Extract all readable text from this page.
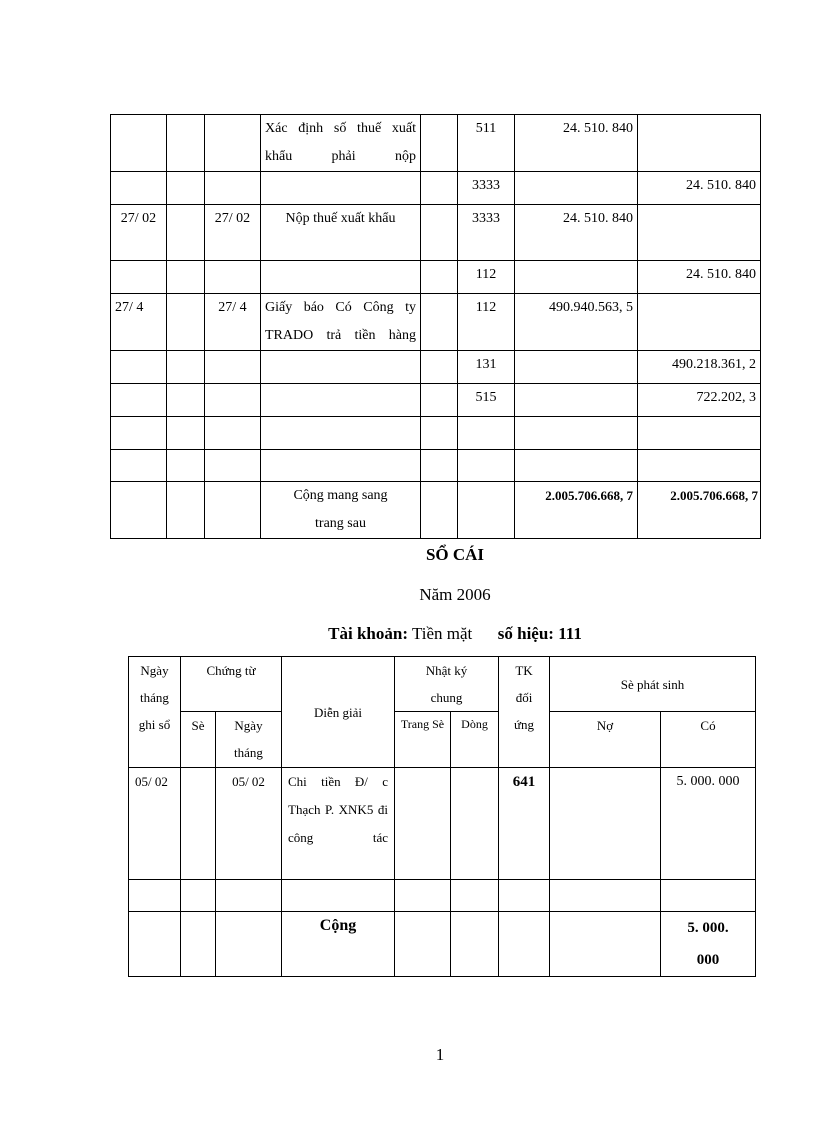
			Xác định số thuế xuất khẩu phải nộp		511	24. 510. 840	
					3333		24. 510. 840
27/ 02		27/ 02	Nộp thuế xuất khẩu		3333	24. 510. 840	
					112		24. 510. 840
27/ 4		27/ 4	Giấy báo Có Công ty TRADO trả tiền hàng		112	490.940.563, 5	
					131		490.218.361, 2
					515		722.202, 3

			Cộng mang sang trang sau			2.005.706.668, 7	2.005.706.668, 7
SỔ CÁI
Năm 2006
Tài khoản: Tiền mặt số hiệu: 111
Ngày tháng ghi sổ	Chứng từ		Diễn giải	Nhật ký chung		TK đối ứng	Sè phát sinh	
	Sè	Ngày tháng		Trang Sè	Dòng		Nợ	Có
05/ 02		05/ 02	Chi tiền Đ/ c Thạch P. XNK5 đi công tác			641		5. 000. 000

			Cộng					5. 000. 000
1
